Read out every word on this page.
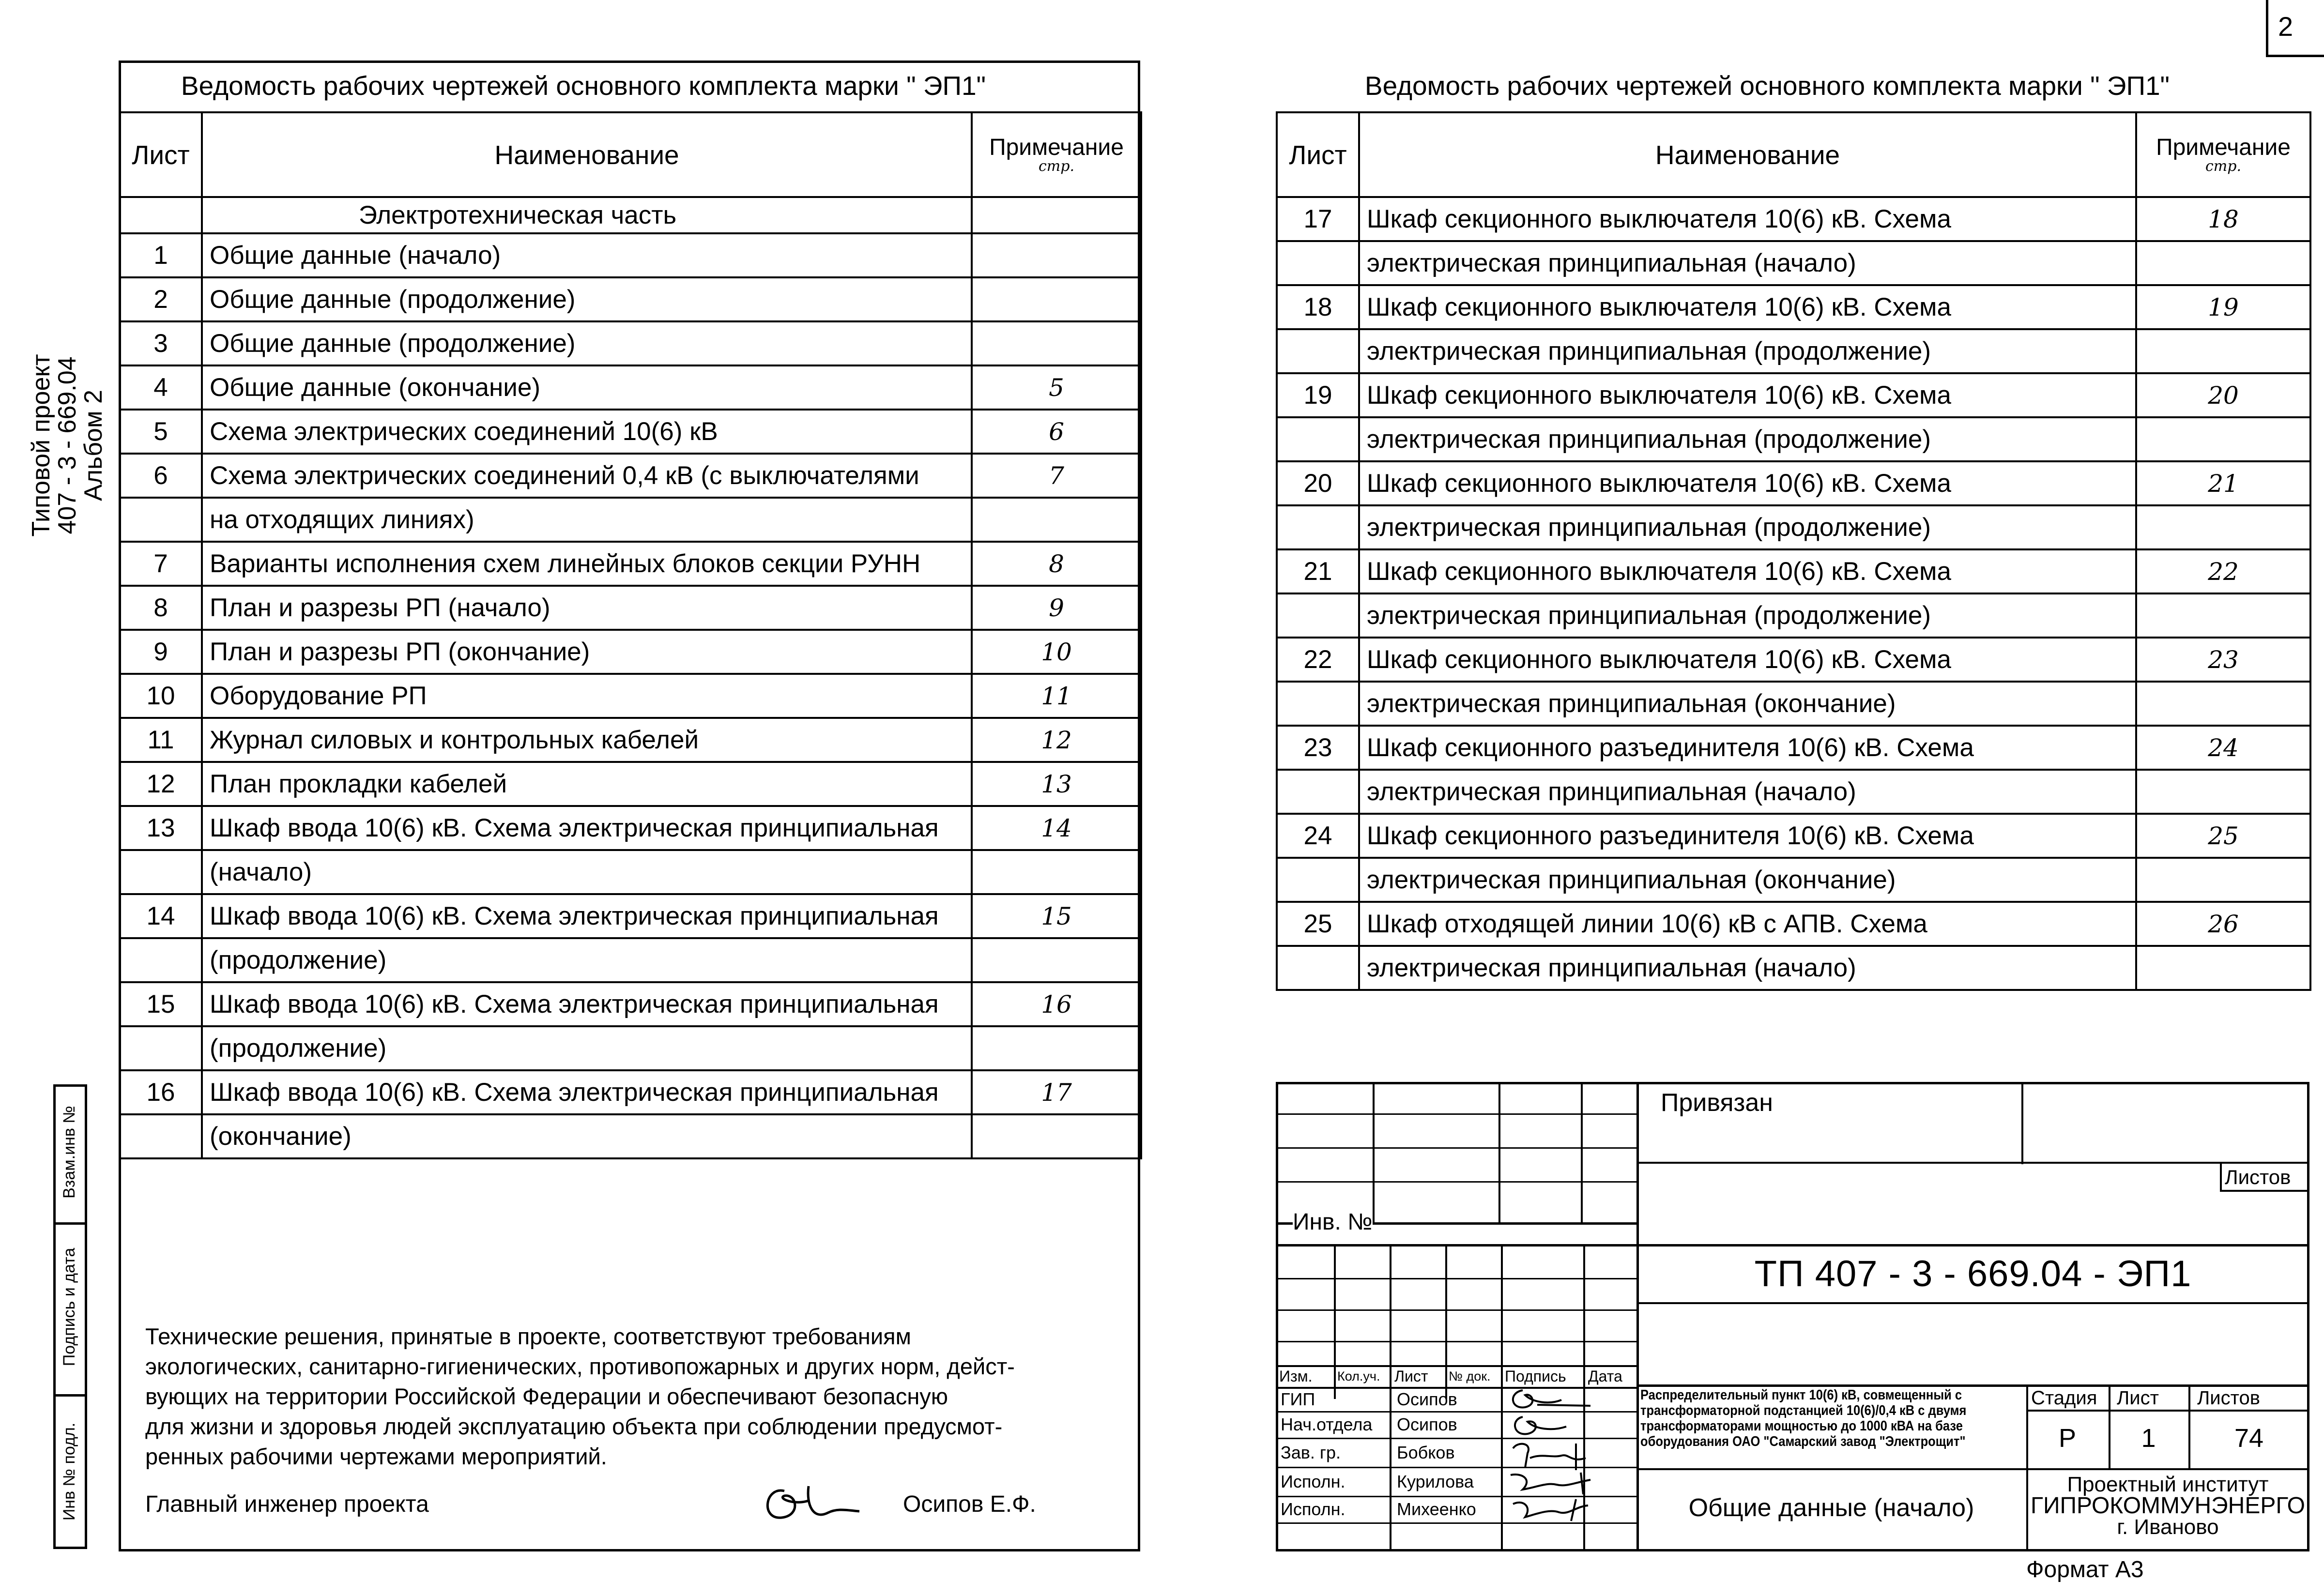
2
Типовой проект
407 - 3 - 669.04
Альбом 2
Взам.инв №
Подпись и дата
Инв № подл.
Ведомость рабочих чертежей основного комплекта марки " ЭП1"
Лист	Наименование	Примечание
стр.

	Электротехническая часть	
1	Общие данные (начало)	
2	Общие данные (продолжение)	
3	Общие данные (продолжение)	
4	Общие данные (окончание)	5
5	Схема электрических соединений 10(6) кВ	6
6	Схема электрических соединений 0,4 кВ (с выключателями	7
	на отходящих линиях)	
7	Варианты исполнения схем линейных блоков секции РУНН	8
8	План и разрезы РП (начало)	9
9	План и разрезы РП (окончание)	10
10	Оборудование РП	11
11	Журнал силовых и контрольных кабелей	12
12	План прокладки кабелей	13
13	Шкаф ввода 10(6) кВ. Схема электрическая принципиальная	14
	(начало)	
14	Шкаф ввода 10(6) кВ. Схема электрическая принципиальная	15
	(продолжение)	
15	Шкаф ввода 10(6) кВ. Схема электрическая принципиальная	16
	(продолжение)	
16	Шкаф ввода 10(6) кВ. Схема электрическая принципиальная	17
	(окончание)	
Технические решения, принятые в проекте, соответствуют требованиям
экологических, санитарно-гигиенических, противопожарных и других норм, дейст-
вующих на территории Российской Федерации и обеспечивают безопасную
для жизни и здоровья людей эксплуатацию объекта при соблюдении предусмот-
ренных рабочими чертежами мероприятий.
Главный инженер проекта	Осипов Е.Ф.
Ведомость рабочих чертежей основного комплекта марки " ЭП1"
Лист	Наименование	Примечание
стр.

17	Шкаф секционного выключателя 10(6) кВ. Схема	18
	электрическая принципиальная (начало)	
18	Шкаф секционного выключателя 10(6) кВ. Схема	19
	электрическая принципиальная (продолжение)	
19	Шкаф секционного выключателя 10(6) кВ. Схема	20
	электрическая принципиальная (продолжение)	
20	Шкаф секционного выключателя 10(6) кВ. Схема	21
	электрическая принципиальная (продолжение)	
21	Шкаф секционного выключателя 10(6) кВ. Схема	22
	электрическая принципиальная (продолжение)	
22	Шкаф секционного выключателя 10(6) кВ. Схема	23
	электрическая принципиальная (окончание)	
23	Шкаф секционного разъединителя 10(6) кВ. Схема	24
	электрическая принципиальная (начало)	
24	Шкаф секционного разъединителя 10(6) кВ. Схема	25
	электрическая принципиальная (окончание)	
25	Шкаф отходящей линии 10(6) кВ с АПВ. Схема	26
	электрическая принципиальная (начало)	
Инв. №
Изм. Кол.уч. Лист № док. Подпись Дата
ГИП	Осипов
Нач.отдела Осипов
Зав. гр.	Бобков
Исполн.	Курилова
Исполн.	Михеенко
Привязан
Листов
ТП 407 - 3 - 669.04 - ЭП1
Распределительный пункт 10(6) кВ, совмещенный с трансформаторной подстанцией 10(6)/0,4 кВ с двумя трансформаторами мощностью до 1000 кВА на базе оборудования ОАО "Самарский завод "Электрощит"
Общие данные (начало)
Стадия Лист Листов
Р	1	74
Проектный институт
ГИПРОКОММУНЭНЕРГО
г. Иваново
Формат А3
